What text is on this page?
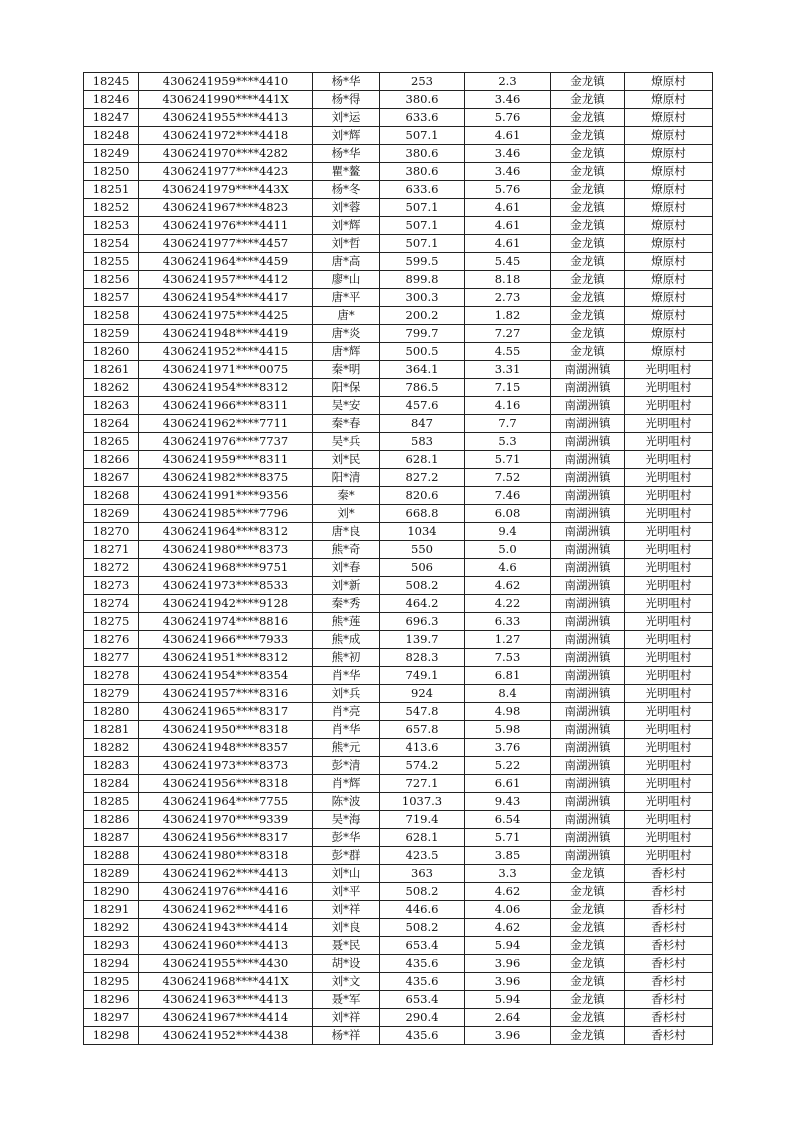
18245	4306241959****4410	杨*华	253	2.3	金龙镇	燎原村
18246	4306241990****441X	杨*得	380.6	3.46	金龙镇	燎原村
18247	4306241955****4413	刘*运	633.6	5.76	金龙镇	燎原村
18248	4306241972****4418	刘*辉	507.1	4.61	金龙镇	燎原村
18249	4306241970****4282	杨*华	380.6	3.46	金龙镇	燎原村
18250	4306241977****4423	瞿*鳌	380.6	3.46	金龙镇	燎原村
18251	4306241979****443X	杨*冬	633.6	5.76	金龙镇	燎原村
18252	4306241967****4823	刘*蓉	507.1	4.61	金龙镇	燎原村
18253	4306241976****4411	刘*辉	507.1	4.61	金龙镇	燎原村
18254	4306241977****4457	刘*哲	507.1	4.61	金龙镇	燎原村
18255	4306241964****4459	唐*高	599.5	5.45	金龙镇	燎原村
18256	4306241957****4412	廖*山	899.8	8.18	金龙镇	燎原村
18257	4306241954****4417	唐*平	300.3	2.73	金龙镇	燎原村
18258	4306241975****4425	唐*	200.2	1.82	金龙镇	燎原村
18259	4306241948****4419	唐*炎	799.7	7.27	金龙镇	燎原村
18260	4306241952****4415	唐*辉	500.5	4.55	金龙镇	燎原村
18261	4306241971****0075	秦*明	364.1	3.31	南湖洲镇	光明咀村
18262	4306241954****8312	阳*保	786.5	7.15	南湖洲镇	光明咀村
18263	4306241966****8311	吴*安	457.6	4.16	南湖洲镇	光明咀村
18264	4306241962****7711	秦*春	847	7.7	南湖洲镇	光明咀村
18265	4306241976****7737	吴*兵	583	5.3	南湖洲镇	光明咀村
18266	4306241959****8311	刘*民	628.1	5.71	南湖洲镇	光明咀村
18267	4306241982****8375	阳*清	827.2	7.52	南湖洲镇	光明咀村
18268	4306241991****9356	秦*	820.6	7.46	南湖洲镇	光明咀村
18269	4306241985****7796	刘*	668.8	6.08	南湖洲镇	光明咀村
18270	4306241964****8312	唐*良	1034	9.4	南湖洲镇	光明咀村
18271	4306241980****8373	熊*奇	550	5.0	南湖洲镇	光明咀村
18272	4306241968****9751	刘*春	506	4.6	南湖洲镇	光明咀村
18273	4306241973****8533	刘*新	508.2	4.62	南湖洲镇	光明咀村
18274	4306241942****9128	秦*秀	464.2	4.22	南湖洲镇	光明咀村
18275	4306241974****8816	熊*莲	696.3	6.33	南湖洲镇	光明咀村
18276	4306241966****7933	熊*成	139.7	1.27	南湖洲镇	光明咀村
18277	4306241951****8312	熊*初	828.3	7.53	南湖洲镇	光明咀村
18278	4306241954****8354	肖*华	749.1	6.81	南湖洲镇	光明咀村
18279	4306241957****8316	刘*兵	924	8.4	南湖洲镇	光明咀村
18280	4306241965****8317	肖*亮	547.8	4.98	南湖洲镇	光明咀村
18281	4306241950****8318	肖*华	657.8	5.98	南湖洲镇	光明咀村
18282	4306241948****8357	熊*元	413.6	3.76	南湖洲镇	光明咀村
18283	4306241973****8373	彭*清	574.2	5.22	南湖洲镇	光明咀村
18284	4306241956****8318	肖*辉	727.1	6.61	南湖洲镇	光明咀村
18285	4306241964****7755	陈*波	1037.3	9.43	南湖洲镇	光明咀村
18286	4306241970****9339	吴*海	719.4	6.54	南湖洲镇	光明咀村
18287	4306241956****8317	彭*华	628.1	5.71	南湖洲镇	光明咀村
18288	4306241980****8318	彭*群	423.5	3.85	南湖洲镇	光明咀村
18289	4306241962****4413	刘*山	363	3.3	金龙镇	香杉村
18290	4306241976****4416	刘*平	508.2	4.62	金龙镇	香杉村
18291	4306241962****4416	刘*祥	446.6	4.06	金龙镇	香杉村
18292	4306241943****4414	刘*良	508.2	4.62	金龙镇	香杉村
18293	4306241960****4413	聂*民	653.4	5.94	金龙镇	香杉村
18294	4306241955****4430	胡*设	435.6	3.96	金龙镇	香杉村
18295	4306241968****441X	刘*文	435.6	3.96	金龙镇	香杉村
18296	4306241963****4413	聂*军	653.4	5.94	金龙镇	香杉村
18297	4306241967****4414	刘*祥	290.4	2.64	金龙镇	香杉村
18298	4306241952****4438	杨*祥	435.6	3.96	金龙镇	香杉村
